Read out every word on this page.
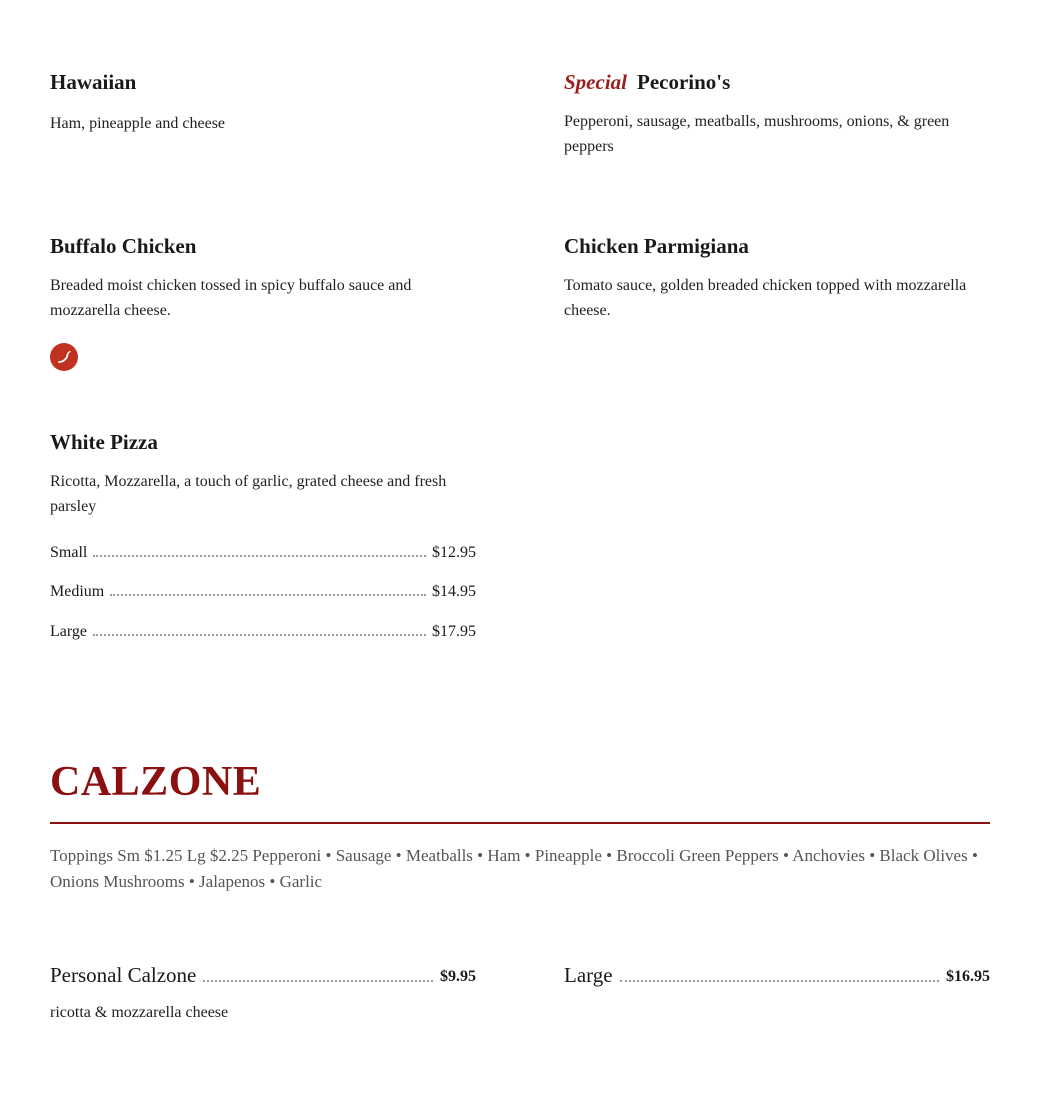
Hawaiian

Ham, pineapple and cheese

Special Pecorino's

Pepperoni, sausage, meatballs, mushrooms, onions, & green peppers

Buffalo Chicken

Breaded moist chicken tossed in spicy buffalo sauce and mozzarella cheese.

Chicken Parmigiana

Tomato sauce, golden breaded chicken topped with mozzarella cheese.

White Pizza

Ricotta, Mozzarella, a touch of garlic, grated cheese and fresh parsley

Small	$12.95
Medium	$14.95
Large	$17.95
CALZONE

Toppings Sm $1.25 Lg $2.25 Pepperoni • Sausage • Meatballs • Ham • Pineapple • Broccoli Green Peppers • Anchovies • Black Olives • Onions Mushrooms • Jalapenos • Garlic

Personal Calzone	$9.95

ricotta & mozzarella cheese

Large	$16.95
